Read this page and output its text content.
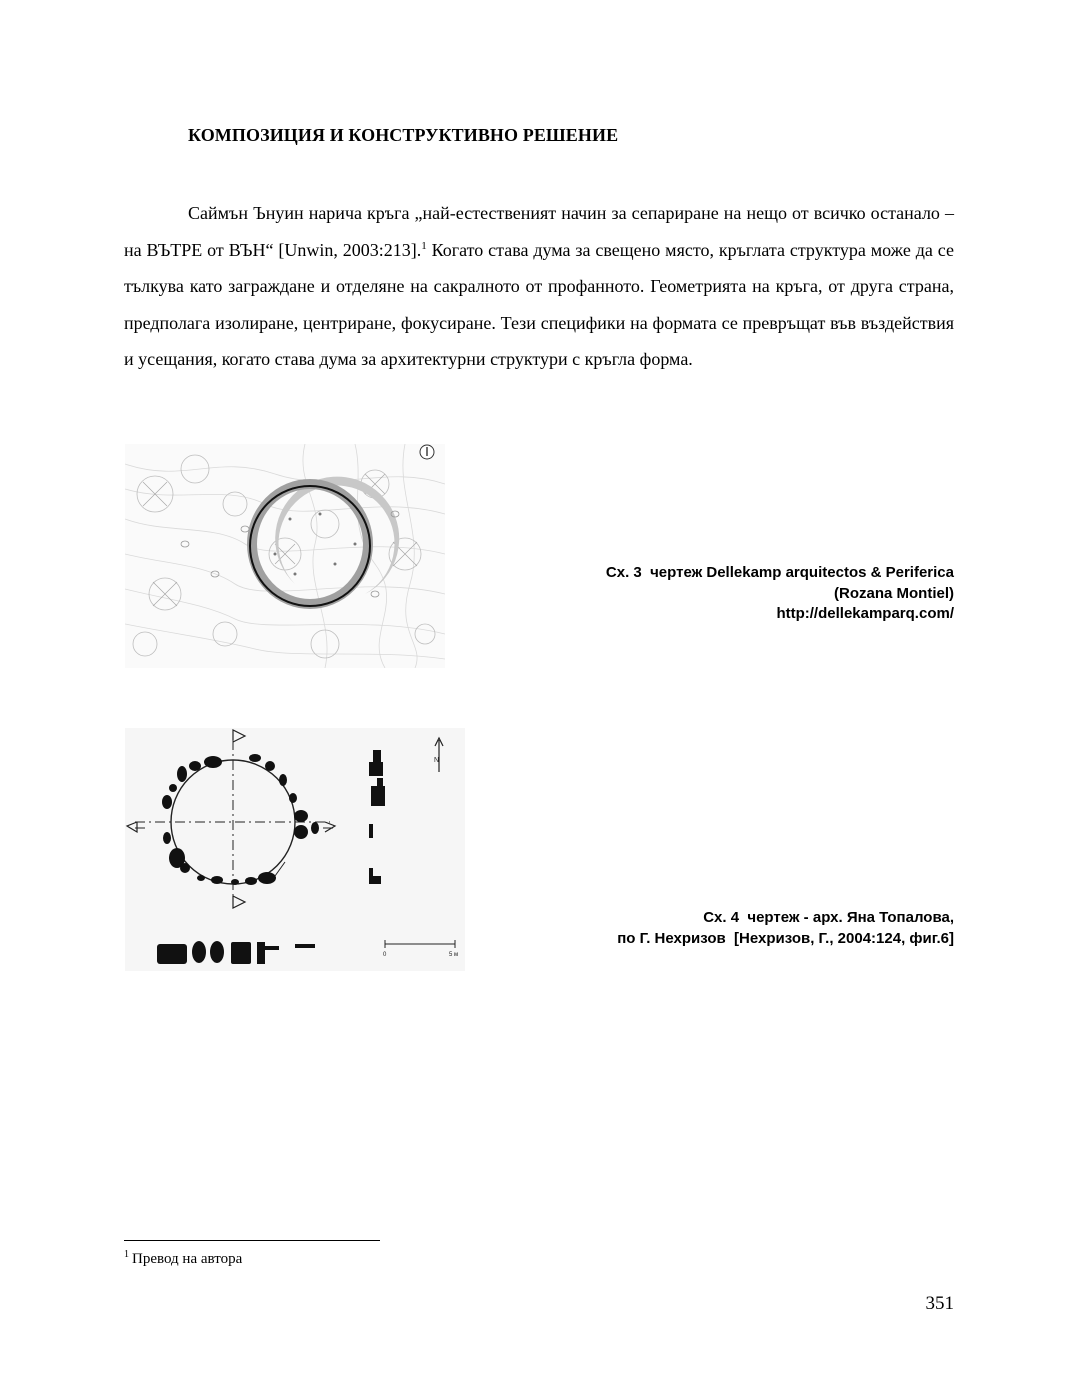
КОМПОЗИЦИЯ И КОНСТРУКТИВНО РЕШЕНИЕ

Саймън Ънуин нарича кръга „най-естественият начин за сепариране на нещо от всичко останало – на ВЪТРЕ от ВЪН“ [Unwin, 2003:213].$^1$ Когато става дума за свещено място, кръглата структура може да се тълкува като заграждане и отделяне на сакралното от профанното. Геометрията на кръга, от друга страна, предполага изолиране, центриране, фокусиране. Тези специфики на формата се превръщат във въздействия и усещания, когато става дума за архитектурни структури с кръгла форма.

Сх. 3  чертеж Dellekamp arquitectos & Periferica
(Rozana Montiel)
http://dellekamparq.com/
N
0	5 м
Сх. 4  чертеж - арх. Яна Топалова,
по Г. Нехризов  [Нехризов, Г., 2004:124, фиг.6]
$^1$ Превод на автора
351
